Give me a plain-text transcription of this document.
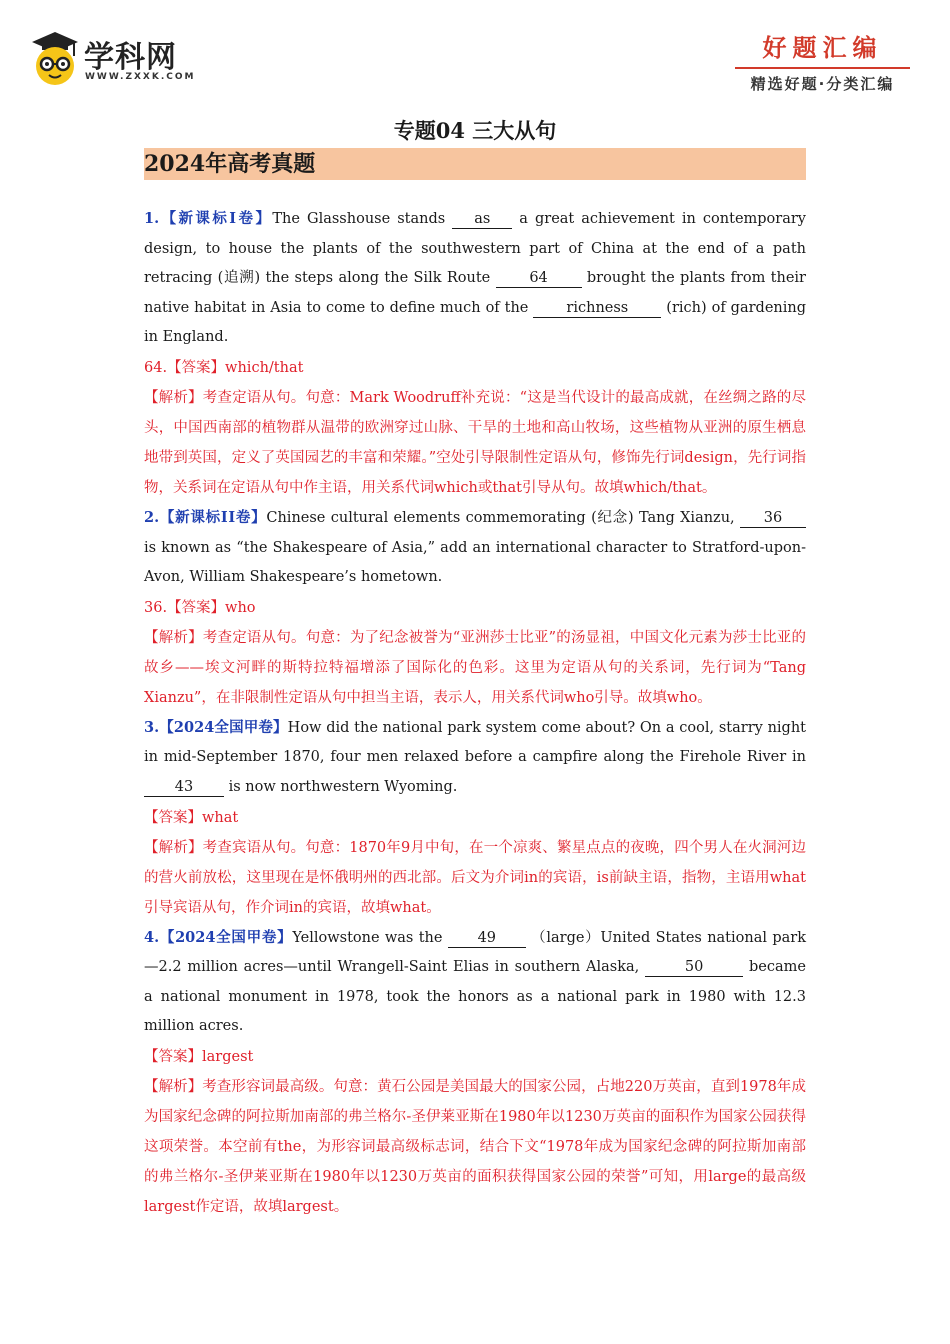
学科网
WWW.ZXXK.COM
好题汇编
精选好题·分类汇编
专题04 三大从句
2024年高考真题

1.【新课标Ⅰ卷】The Glasshouse stands as a great achievement in contemporary design, to house the plants of the southwestern part of China at the end of a path retracing (追溯) the steps along the Silk Route 64 brought the plants from their native habitat in Asia to come to define much of the richness (rich) of gardening in England.

64.【答案】which/that

【解析】考查定语从句。句意：Mark Woodruff补充说：“这是当代设计的最高成就，在丝绸之路的尽头，中国西南部的植物群从温带的欧洲穿过山脉、干旱的土地和高山牧场，这些植物从亚洲的原生栖息地带到英国，定义了英国园艺的丰富和荣耀。”空处引导限制性定语从句，修饰先行词design，先行词指物，关系词在定语从句中作主语，用关系代词which或that引导从句。故填which/that。

2.【新课标ⅠⅠ卷】Chinese cultural elements commemorating (纪念) Tang Xianzu, 36 is known as “the Shakespeare of Asia,” add an international character to Stratford-upon-Avon, William Shakespeare’s hometown.

36.【答案】who

【解析】考查定语从句。句意：为了纪念被誉为“亚洲莎士比亚”的汤显祖，中国文化元素为莎士比亚的故乡——埃文河畔的斯特拉特福增添了国际化的色彩。这里为定语从句的关系词，先行词为“Tang Xianzu”，在非限制性定语从句中担当主语，表示人，用关系代词who引导。故填who。

3.【2024全国甲卷】How did the national park system come about? On a cool, starry night in mid-September 1870, four men relaxed before a campfire along the Firehole River in 43 is now northwestern Wyoming.

【答案】what

【解析】考查宾语从句。句意：1870年9月中旬，在一个凉爽、繁星点点的夜晚，四个男人在火洞河边的营火前放松，这里现在是怀俄明州的西北部。后文为介词in的宾语，is前缺主语，指物，主语用what引导宾语从句，作介词in的宾语，故填what。

4.【2024全国甲卷】Yellowstone was the 49 （large）United States national park—2.2 million acres—until Wrangell-Saint Elias in southern Alaska,	50	became a national monument in 1978, took the honors as a national park in 1980 with 12.3 million acres.

【答案】largest

【解析】考查形容词最高级。句意：黄石公园是美国最大的国家公园，占地220万英亩，直到1978年成为国家纪念碑的阿拉斯加南部的弗兰格尔-圣伊莱亚斯在1980年以1230万英亩的面积作为国家公园获得这项荣誉。本空前有the，为形容词最高级标志词，结合下文“1978年成为国家纪念碑的阿拉斯加南部的弗兰格尔-圣伊莱亚斯在1980年以1230万英亩的面积获得国家公园的荣誉”可知，用large的最高级largest作定语，故填largest。
